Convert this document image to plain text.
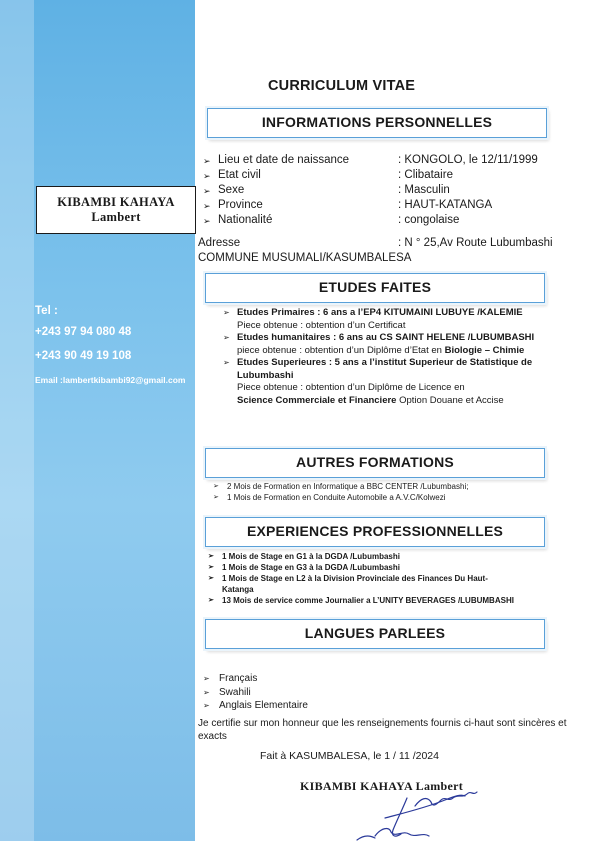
KIBAMBI KAHAYA
Lambert
Tel :
+243 97 94 080 48
+243 90 49 19 108
Email :lambertkibambi92@gmail.com
CURRICULUM VITAE
INFORMATIONS PERSONNELLES
➢ Lieu et date de naissance	: KONGOLO, le 12/11/1999
➢ Etat civil	: Clibataire
➢ Sexe	: Masculin
➢ Province	: HAUT-KATANGA
➢ Nationalité	: congolaise
Adresse	: N ° 25,Av Route Lubumbashi
COMMUNE MUSUMALI/KASUMBALESA
ETUDES FAITES
➢ Etudes Primaires : 6 ans a l’EP4 KITUMAINI LUBUYE /KALEMIE
Piece obtenue : obtention d’un Certificat
➢ Etudes humanitaires : 6 ans au CS SAINT HELENE /LUBUMBASHI
piece obtenue : obtention d’un Diplôme d’Etat en Biologie – Chimie
➢ Etudes Superieures : 5 ans a l’institut Superieur de Statistique de Lubumbashi
Piece obtenue : obtention d’un Diplôme de Licence en
Science Commerciale et Financiere Option Douane et Accise
AUTRES FORMATIONS
➢ 2 Mois de Formation en Informatique a BBC CENTER /Lubumbashi;
➢ 1 Mois de Formation en Conduite Automobile a A.V.C/Kolwezi
EXPERIENCES PROFESSIONNELLES
➢ 1 Mois de Stage en G1 à la DGDA /Lubumbashi
➢ 1 Mois de Stage en G3 à la DGDA /Lubumbashi
➢ 1 Mois de Stage en L2 à la Division Provinciale des Finances Du Haut-
Katanga
➢ 13 Mois de service comme Journalier a L’UNITY BEVERAGES /LUBUMBASHI
LANGUES PARLEES
➢ Français
➢ Swahili
➢ Anglais Elementaire
Je certifie sur mon honneur que les renseignements fournis ci-haut sont sincères et exacts
Fait à KASUMBALESA, le 1 / 11 /2024
KIBAMBI KAHAYA Lambert
